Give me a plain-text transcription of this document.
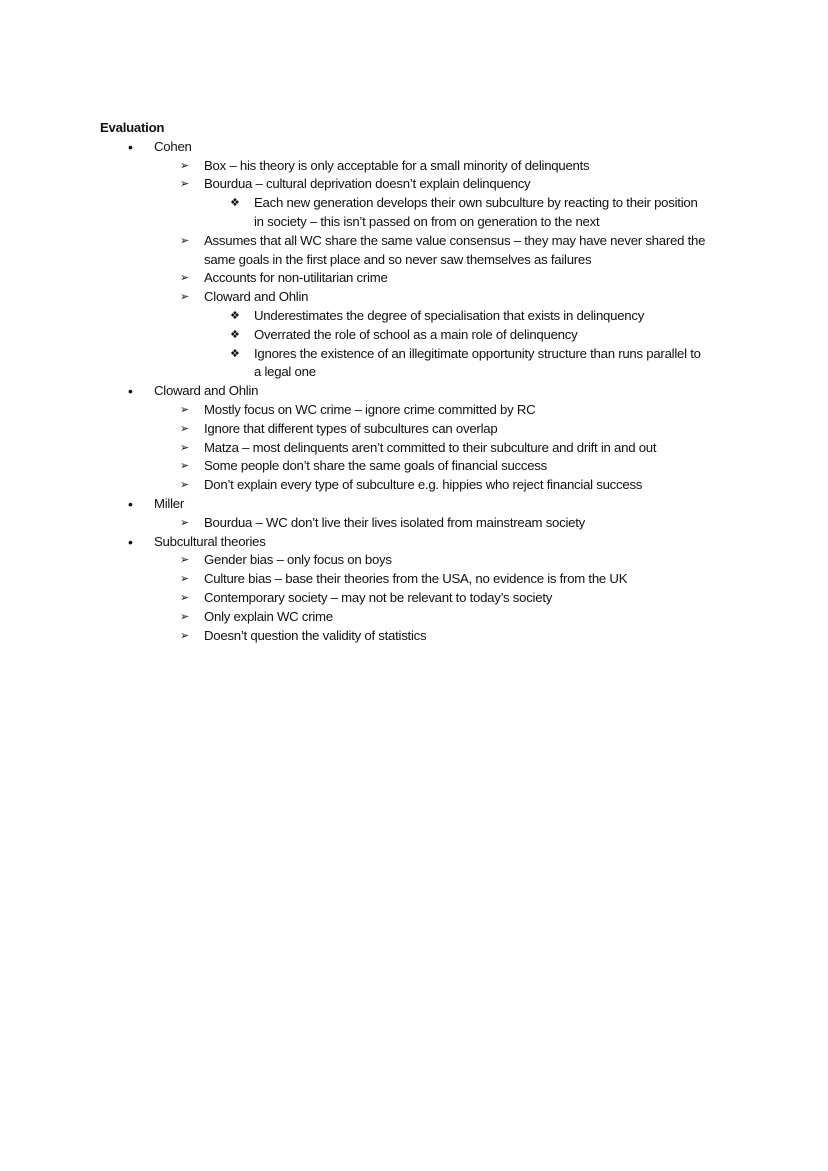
Evaluation
• Cohen
➢ Box – his theory is only acceptable for a small minority of delinquents
➢ Bourdua – cultural deprivation doesn’t explain delinquency
❖ Each new generation develops their own subculture by reacting to their position in society – this isn’t passed on from on generation to the next
➢ Assumes that all WC share the same value consensus – they may have never shared the same goals in the first place and so never saw themselves as failures
➢ Accounts for non-utilitarian crime
➢ Cloward and Ohlin
❖ Underestimates the degree of specialisation that exists in delinquency
❖ Overrated the role of school as a main role of delinquency
❖ Ignores the existence of an illegitimate opportunity structure than runs parallel to a legal one
• Cloward and Ohlin
➢ Mostly focus on WC crime – ignore crime committed by RC
➢ Ignore that different types of subcultures can overlap
➢ Matza – most delinquents aren’t committed to their subculture and drift in and out
➢ Some people don’t share the same goals of financial success
➢ Don’t explain every type of subculture e.g. hippies who reject financial success
• Miller
➢ Bourdua – WC don’t live their lives isolated from mainstream society
• Subcultural theories
➢ Gender bias – only focus on boys
➢ Culture bias – base their theories from the USA, no evidence is from the UK
➢ Contemporary society – may not be relevant to today’s society
➢ Only explain WC crime
➢ Doesn’t question the validity of statistics
